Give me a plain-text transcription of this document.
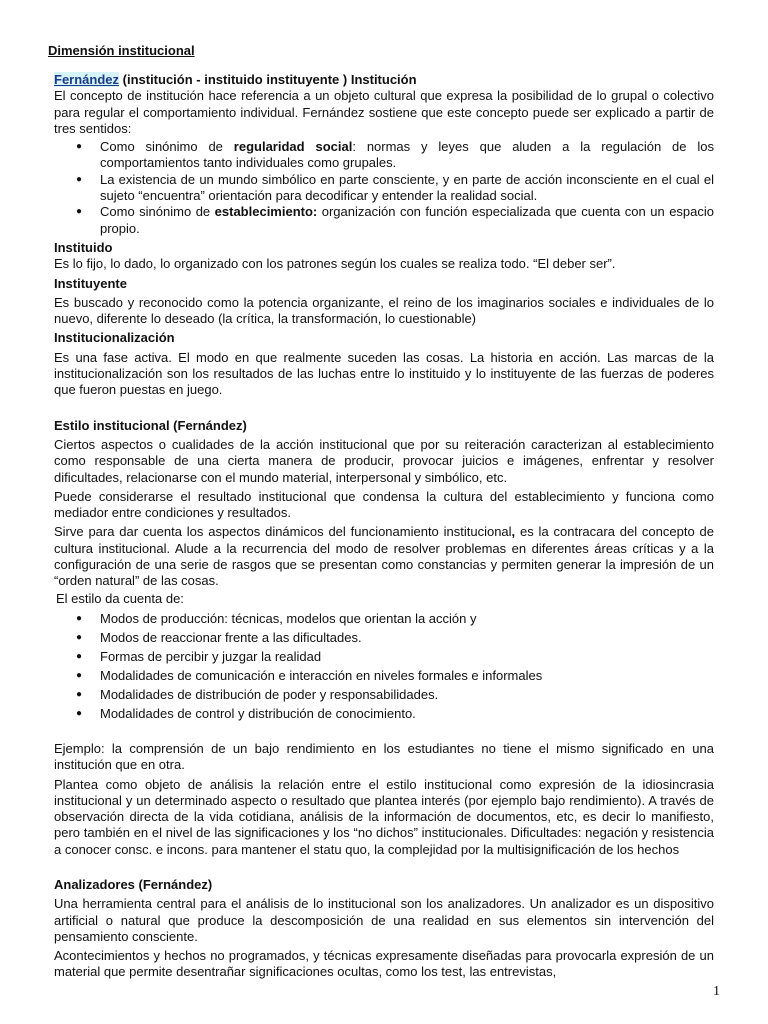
Dimensión institucional

Fernández (institución - instituido instituyente ) Institución

El concepto de institución hace referencia a un objeto cultural que expresa la posibilidad de lo grupal o colectivo para regular el comportamiento individual. Fernández sostiene que este concepto puede ser explicado a partir de tres sentidos:

● Como sinónimo de regularidad social: normas y leyes que aluden a la regulación de los comportamientos tanto individuales como grupales.
● La existencia de un mundo simbólico en parte consciente, y en parte de acción inconsciente en el cual el sujeto “encuentra” orientación para decodificar y entender la realidad social.
● Como sinónimo de establecimiento: organización con función especializada que cuenta con un espacio propio.

Instituido

Es lo fijo, lo dado, lo organizado con los patrones según los cuales se realiza todo. “El deber ser”.

Instituyente

Es buscado y reconocido como la potencia organizante, el reino de los imaginarios sociales e individuales de lo nuevo, diferente lo deseado (la crítica, la transformación, lo cuestionable)

Institucionalización

Es una fase activa. El modo en que realmente suceden las cosas. La historia en acción. Las marcas de la institucionalización son los resultados de las luchas entre lo instituido y lo instituyente de las fuerzas de poderes que fueron puestas en juego.

Estilo institucional (Fernández)

Ciertos aspectos o cualidades de la acción institucional que por su reiteración caracterizan al establecimiento como responsable de una cierta manera de producir, provocar juicios e imágenes, enfrentar y resolver dificultades, relacionarse con el mundo material, interpersonal y simbólico, etc.

Puede considerarse el resultado institucional que condensa la cultura del establecimiento y funciona como mediador entre condiciones y resultados.

Sirve para dar cuenta los aspectos dinámicos del funcionamiento institucional, es la contracara del concepto de cultura institucional. Alude a la recurrencia del modo de resolver problemas en diferentes áreas críticas y a la configuración de una serie de rasgos que se presentan como constancias y permiten generar la impresión de un “orden natural” de las cosas.

El estilo da cuenta de:

● Modos de producción: técnicas, modelos que orientan la acción y
● Modos de reaccionar frente a las dificultades.
● Formas de percibir y juzgar la realidad
● Modalidades de comunicación e interacción en niveles formales e informales
● Modalidades de distribución de poder y responsabilidades.
● Modalidades de control y distribución de conocimiento.

Ejemplo: la comprensión de un bajo rendimiento en los estudiantes no tiene el mismo significado en una institución que en otra.

Plantea como objeto de análisis la relación entre el estilo institucional como expresión de la idiosincrasia institucional y un determinado aspecto o resultado que plantea interés (por ejemplo bajo rendimiento). A través de observación directa de la vida cotidiana, análisis de la información de documentos, etc, es decir lo manifiesto, pero también en el nivel de las significaciones y los “no dichos” institucionales. Dificultades: negación y resistencia a conocer consc. e incons. para mantener el statu quo, la complejidad por la multisignificación de los hechos

Analizadores (Fernández)

Una herramienta central para el análisis de lo institucional son los analizadores. Un analizador es un dispositivo artificial o natural que produce la descomposición de una realidad en sus elementos sin intervención del pensamiento consciente.

Acontecimientos y hechos no programados, y técnicas expresamente diseñadas para provocarla expresión de un material que permite desentrañar significaciones ocultas, como los test, las entrevistas,

1
